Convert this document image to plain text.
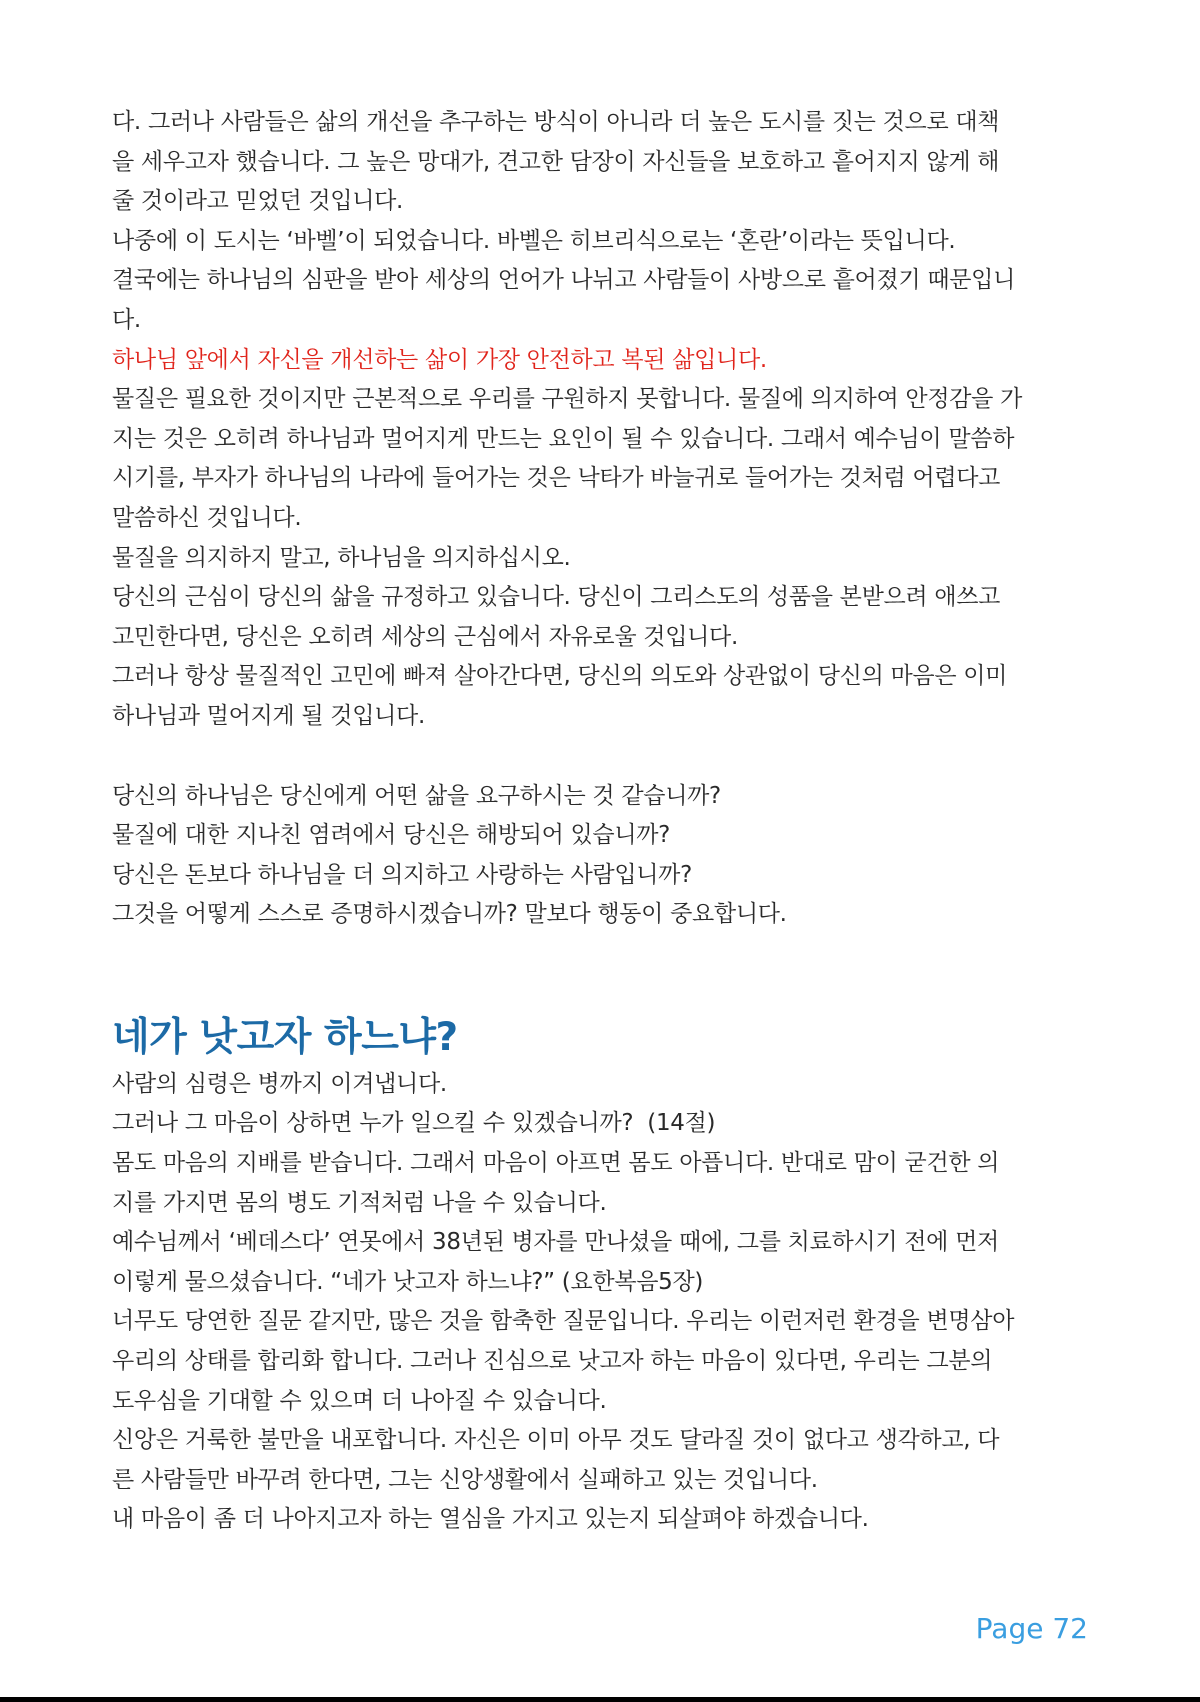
다. 그러나 사람들은 삶의 개선을 추구하는 방식이 아니라 더 높은 도시를 짓는 것으로 대책

을 세우고자 했습니다. 그 높은 망대가, 견고한 담장이 자신들을 보호하고 흩어지지 않게 해

줄 것이라고 믿었던 것입니다.

나중에 이 도시는 ‘바벨’이 되었습니다. 바벨은 히브리식으로는 ‘혼란’이라는 뜻입니다.

결국에는 하나님의 심판을 받아 세상의 언어가 나뉘고 사람들이 사방으로 흩어졌기 때문입니

다.

하나님 앞에서 자신을 개선하는 삶이 가장 안전하고 복된 삶입니다.

물질은 필요한 것이지만 근본적으로 우리를 구원하지 못합니다. 물질에 의지하여 안정감을 가

지는 것은 오히려 하나님과 멀어지게 만드는 요인이 될 수 있습니다. 그래서 예수님이 말씀하

시기를, 부자가 하나님의 나라에 들어가는 것은 낙타가 바늘귀로 들어가는 것처럼 어렵다고

말씀하신 것입니다.

물질을 의지하지 말고, 하나님을 의지하십시오.

당신의 근심이 당신의 삶을 규정하고 있습니다. 당신이 그리스도의 성품을 본받으려 애쓰고

고민한다면, 당신은 오히려 세상의 근심에서 자유로울 것입니다.

그러나 항상 물질적인 고민에 빠져 살아간다면, 당신의 의도와 상관없이 당신의 마음은 이미

하나님과 멀어지게 될 것입니다.

당신의 하나님은 당신에게 어떤 삶을 요구하시는 것 같습니까?

물질에 대한 지나친 염려에서 당신은 해방되어 있습니까?

당신은 돈보다 하나님을 더 의지하고 사랑하는 사람입니까?

그것을 어떻게 스스로 증명하시겠습니까? 말보다 행동이 중요합니다.

네가 낫고자 하느냐?

사람의 심령은 병까지 이겨냅니다.

그러나 그 마음이 상하면 누가 일으킬 수 있겠습니까?  (14절)

몸도 마음의 지배를 받습니다. 그래서 마음이 아프면 몸도 아픕니다. 반대로 맘이 굳건한 의

지를 가지면 몸의 병도 기적처럼 나을 수 있습니다.

예수님께서 ‘베데스다’ 연못에서 38년된 병자를 만나셨을 때에, 그를 치료하시기 전에 먼저

이렇게 물으셨습니다. “네가 낫고자 하느냐?” (요한복음5장)

너무도 당연한 질문 같지만, 많은 것을 함축한 질문입니다. 우리는 이런저런 환경을 변명삼아

우리의 상태를 합리화 합니다. 그러나 진심으로 낫고자 하는 마음이 있다면, 우리는 그분의

도우심을 기대할 수 있으며 더 나아질 수 있습니다.

신앙은 거룩한 불만을 내포합니다. 자신은 이미 아무 것도 달라질 것이 없다고 생각하고, 다

른 사람들만 바꾸려 한다면, 그는 신앙생활에서 실패하고 있는 것입니다.

내 마음이 좀 더 나아지고자 하는 열심을 가지고 있는지 되살펴야 하겠습니다.

Page 72
